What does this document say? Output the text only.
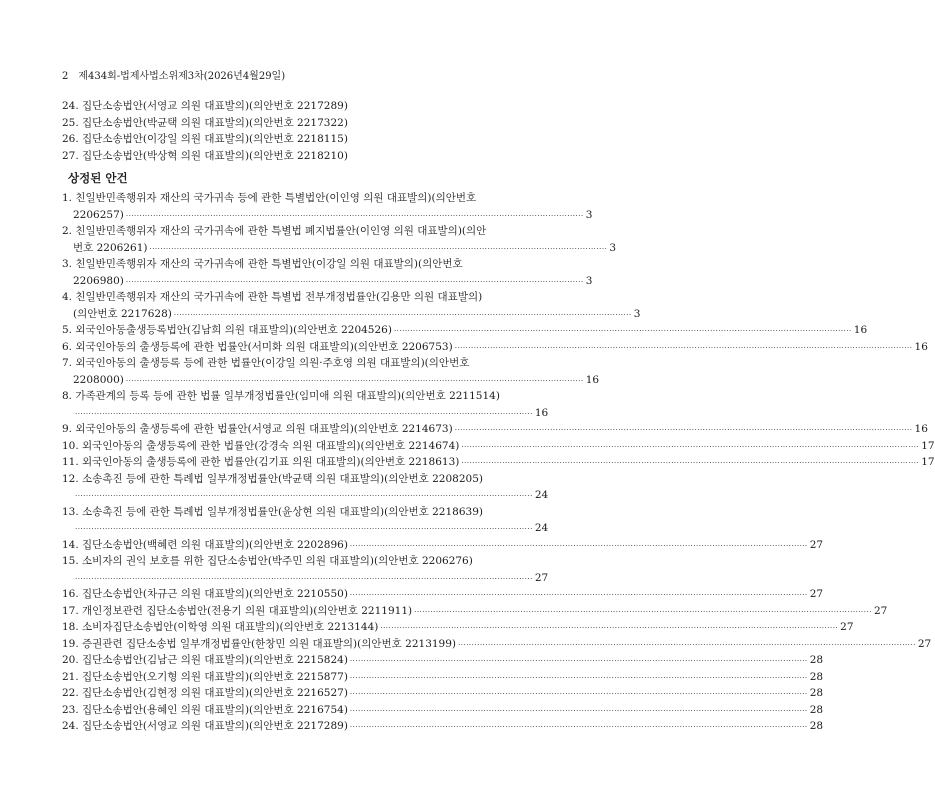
2 제434회-법제사법소위제3차(2026년4월29일)
24. 집단소송법안(서영교 의원 대표발의)(의안번호 2217289)
25. 집단소송법안(박균택 의원 대표발의)(의안번호 2217322)
26. 집단소송법안(이강일 의원 대표발의)(의안번호 2218115)
27. 집단소송법안(박상혁 의원 대표발의)(의안번호 2218210)
상정된 안건
1. 친일반민족행위자 재산의 국가귀속 등에 관한 특별법안(이인영 의원 대표발의)(의안번호
2206257) ·····	3
2. 친일반민족행위자 재산의 국가귀속에 관한 특별법 폐지법률안(이인영 의원 대표발의)(의안
번호 2206261) ·····	3
3. 친일반민족행위자 재산의 국가귀속에 관한 특별법안(이강일 의원 대표발의)(의안번호
2206980) ·····	3
4. 친일반민족행위자 재산의 국가귀속에 관한 특별법 전부개정법률안(김용만 의원 대표발의)
(의안번호 2217628) ·····	3
5. 외국인아동출생등록법안(김남희 의원 대표발의)(의안번호 2204526) ·····	16
6. 외국인아동의 출생등록에 관한 법률안(서미화 의원 대표발의)(의안번호 2206753) ·····	16
7. 외국인아동의 출생등록 등에 관한 법률안(이강일 의원·주호영 의원 대표발의)(의안번호
2208000) ·····	16
8. 가족관계의 등록 등에 관한 법률 일부개정법률안(임미애 의원 대표발의)(의안번호 2211514)
·····
16
9. 외국인아동의 출생등록에 관한 법률안(서영교 의원 대표발의)(의안번호 2214673) ·····	16
10. 외국인아동의 출생등록에 관한 법률안(강경숙 의원 대표발의)(의안번호 2214674) ·····	17
11. 외국인아동의 출생등록에 관한 법률안(김기표 의원 대표발의)(의안번호 2218613) ·····	17
12. 소송촉진 등에 관한 특례법 일부개정법률안(박균택 의원 대표발의)(의안번호 2208205)
·····
24
13. 소송촉진 등에 관한 특례법 일부개정법률안(윤상현 의원 대표발의)(의안번호 2218639)
·····
24
14. 집단소송법안(백혜련 의원 대표발의)(의안번호 2202896) ·····	27
15. 소비자의 권익 보호를 위한 집단소송법안(박주민 의원 대표발의)(의안번호 2206276)
·····
27
16. 집단소송법안(차규근 의원 대표발의)(의안번호 2210550) ·····	27
17. 개인정보관련 집단소송법안(전용기 의원 대표발의)(의안번호 2211911) ·····	27
18. 소비자집단소송법안(이학영 의원 대표발의)(의안번호 2213144) ·····	27
19. 증권관련 집단소송법 일부개정법률안(한창민 의원 대표발의)(의안번호 2213199) ·····	27
20. 집단소송법안(김남근 의원 대표발의)(의안번호 2215824) ·····	28
21. 집단소송법안(오기형 의원 대표발의)(의안번호 2215877) ·····	28
22. 집단소송법안(김현정 의원 대표발의)(의안번호 2216527) ·····	28
23. 집단소송법안(용혜인 의원 대표발의)(의안번호 2216754) ·····	28
24. 집단소송법안(서영교 의원 대표발의)(의안번호 2217289) ·····	28
